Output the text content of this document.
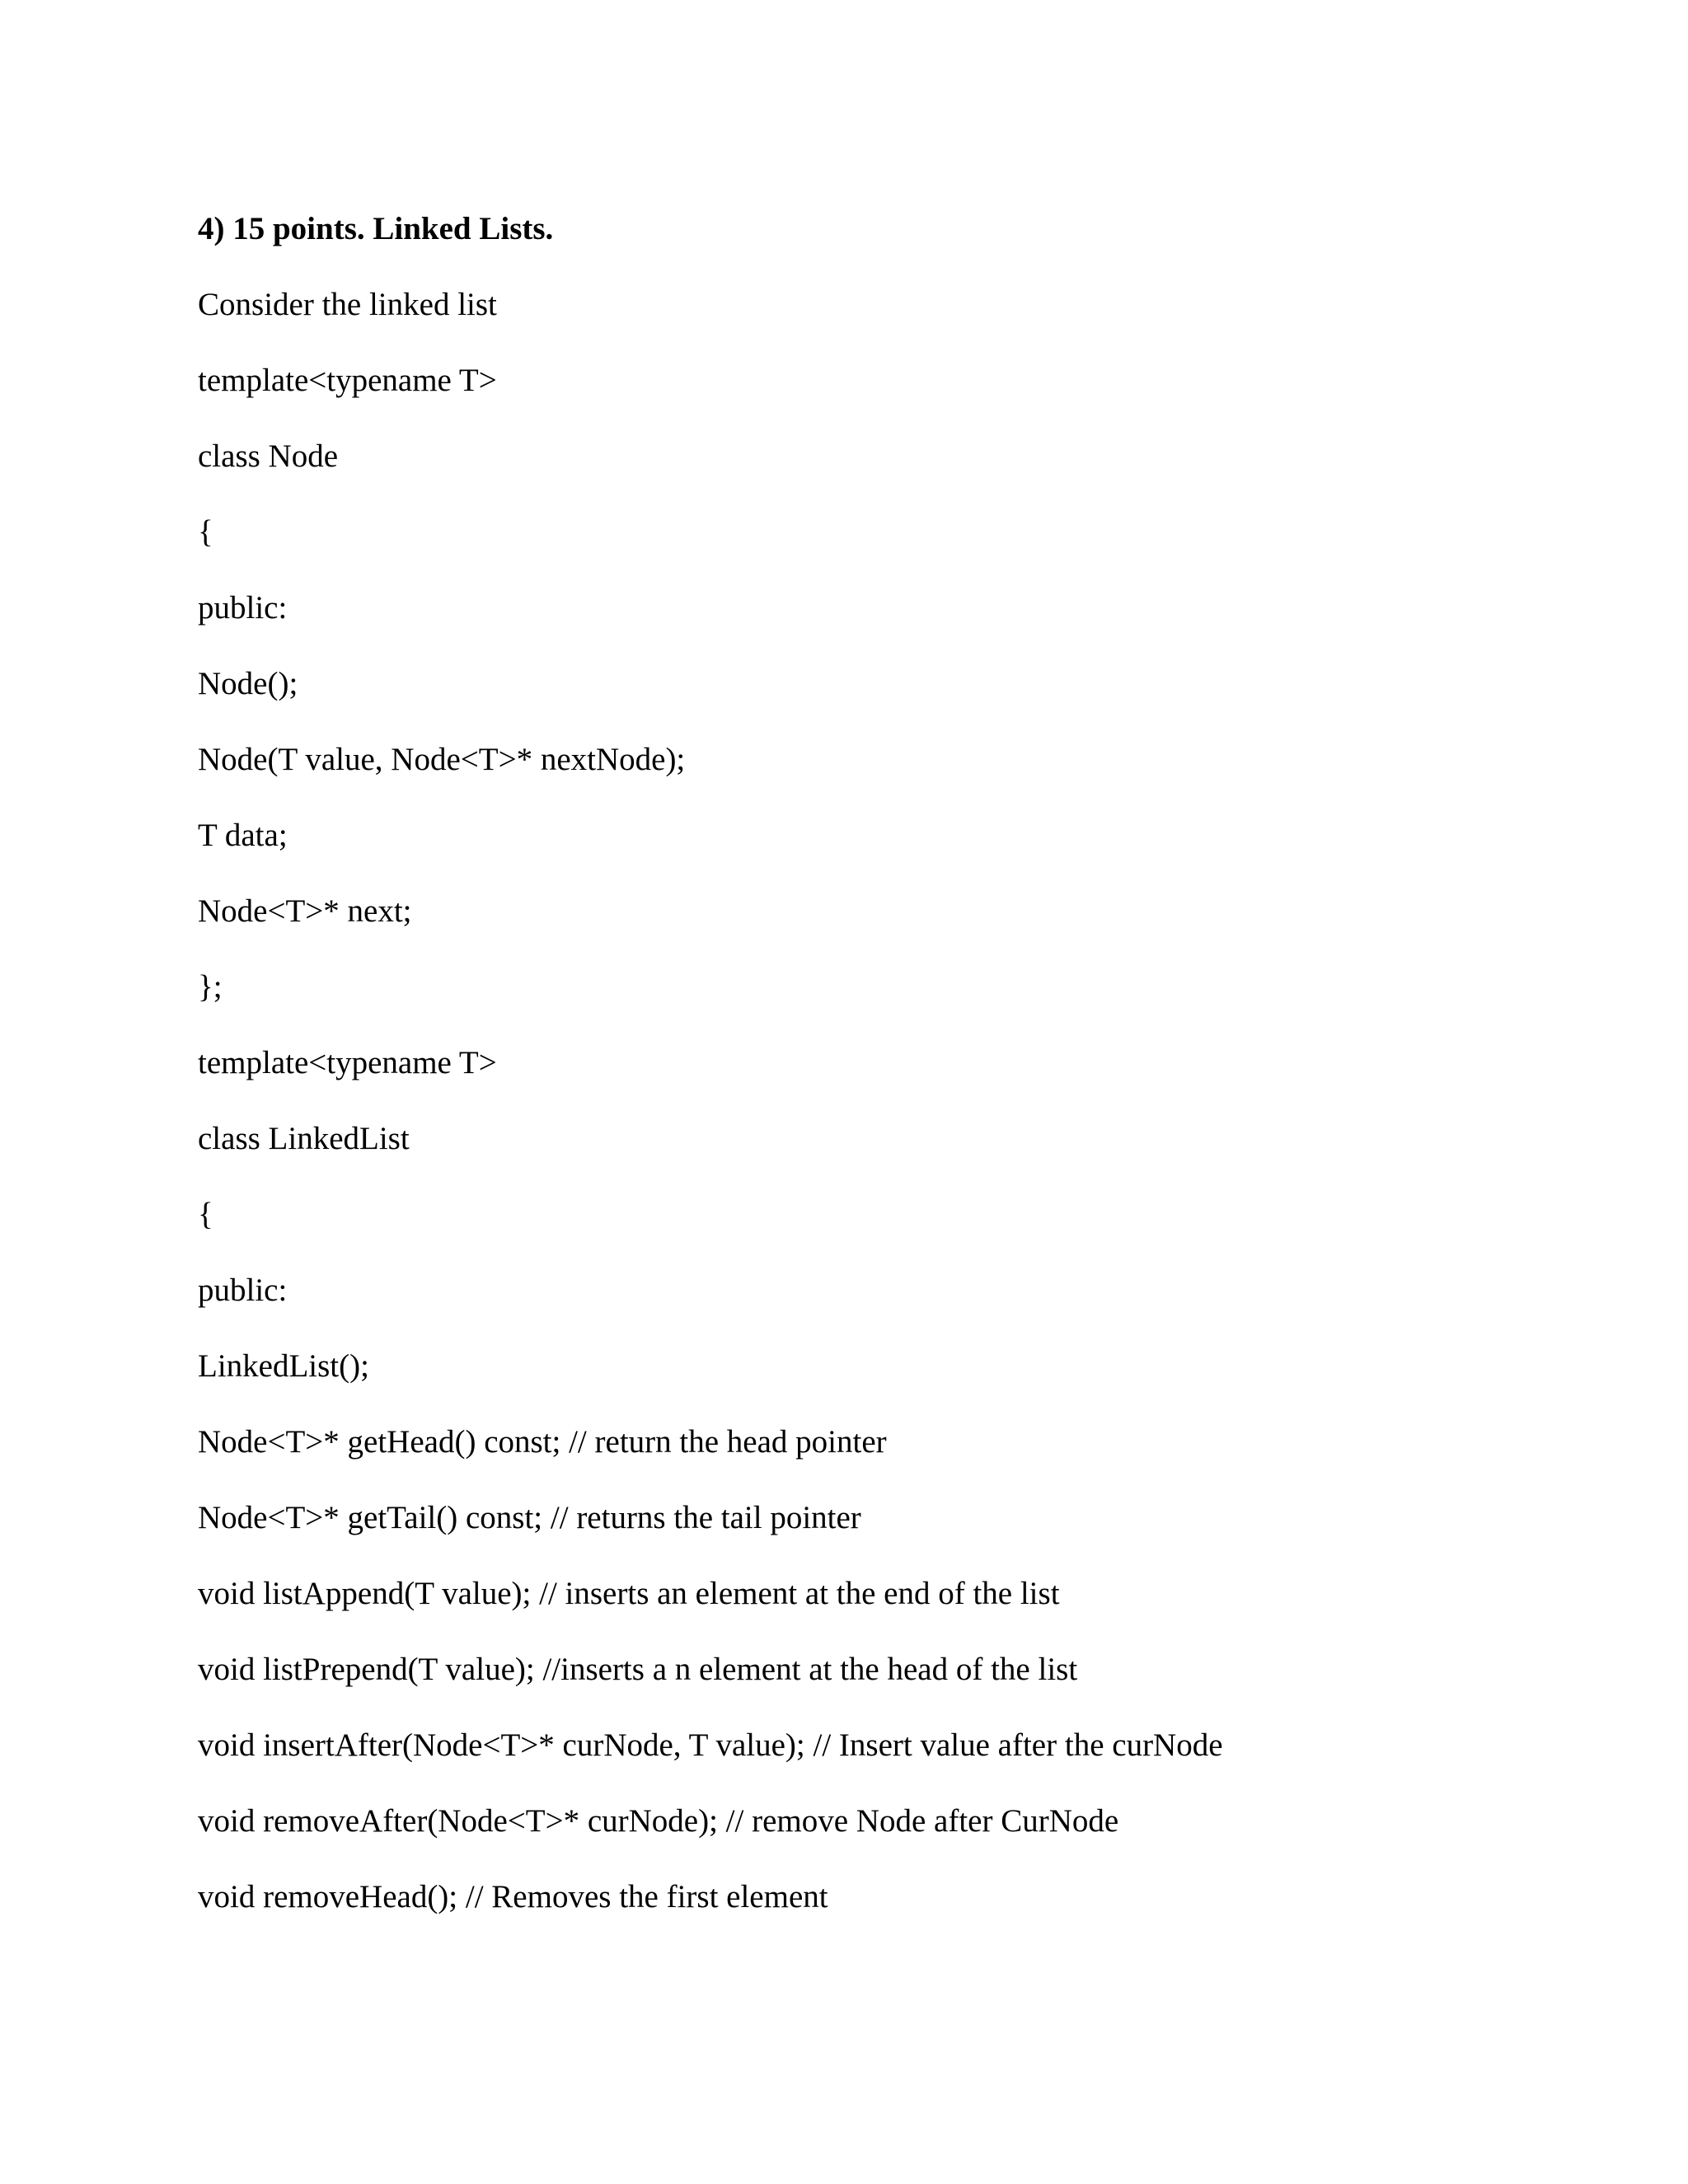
4) 15 points. Linked Lists.

Consider the linked list

template<typename T>

class Node

{

public:

Node();

Node(T value, Node<T>* nextNode);

T data;

Node<T>* next;

};

template<typename T>

class LinkedList

{

public:

LinkedList();

Node<T>* getHead() const; // return the head pointer

Node<T>* getTail() const; // returns the tail pointer

void listAppend(T value); // inserts an element at the end of the list

void listPrepend(T value); //inserts a n element at the head of the list

void insertAfter(Node<T>* curNode, T value); // Insert value after the curNode

void removeAfter(Node<T>* curNode); // remove Node after CurNode

void removeHead(); // Removes the first element
